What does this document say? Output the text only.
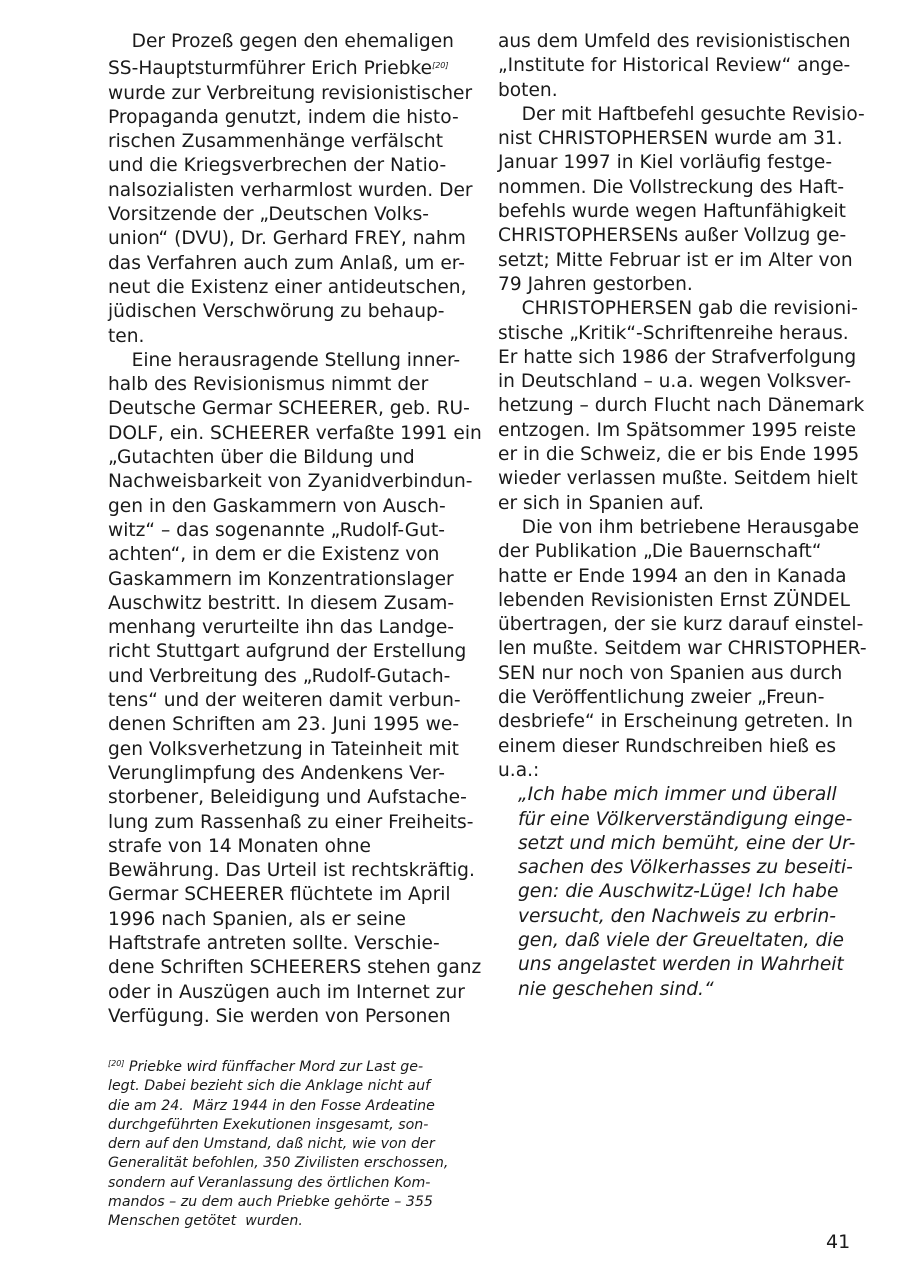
Der Prozeß gegen den ehemaligen
SS-Hauptsturmführer Erich Priebke[20]
wurde zur Verbreitung revisionistischer
Propaganda genutzt, indem die histo-
rischen Zusammenhänge verfälscht
und die Kriegsverbrechen der Natio-
nalsozialisten verharmlost wurden. Der
Vorsitzende der „Deutschen Volks-
union“ (DVU), Dr. Gerhard FREY, nahm
das Verfahren auch zum Anlaß, um er-
neut die Existenz einer antideutschen,
jüdischen Verschwörung zu behaup-
ten.
Eine herausragende Stellung inner-
halb des Revisionismus nimmt der
Deutsche Germar SCHEERER, geb. RU-
DOLF, ein. SCHEERER verfaßte 1991 ein
„Gutachten über die Bildung und
Nachweisbarkeit von Zyanidverbindun-
gen in den Gaskammern von Ausch-
witz“ – das sogenannte „Rudolf-Gut-
achten“, in dem er die Existenz von
Gaskammern im Konzentrationslager
Auschwitz bestritt. In diesem Zusam-
menhang verurteilte ihn das Landge-
richt Stuttgart aufgrund der Erstellung
und Verbreitung des „Rudolf-Gutach-
tens“ und der weiteren damit verbun-
denen Schriften am 23. Juni 1995 we-
gen Volksverhetzung in Tateinheit mit
Verunglimpfung des Andenkens Ver-
storbener, Beleidigung und Aufstache-
lung zum Rassenhaß zu einer Freiheits-
strafe von 14 Monaten ohne
Bewährung. Das Urteil ist rechtskräftig.
Germar SCHEERER flüchtete im April
1996 nach Spanien, als er seine
Haftstrafe antreten sollte. Verschie-
dene Schriften SCHEERERS stehen ganz
oder in Auszügen auch im Internet zur
Verfügung. Sie werden von Personen
aus dem Umfeld des revisionistischen
„Institute for Historical Review“ ange-
boten.
Der mit Haftbefehl gesuchte Revisio-
nist CHRISTOPHERSEN wurde am 31.
Januar 1997 in Kiel vorläufig festge-
nommen. Die Vollstreckung des Haft-
befehls wurde wegen Haftunfähigkeit
CHRISTOPHERSENs außer Vollzug ge-
setzt; Mitte Februar ist er im Alter von
79 Jahren gestorben.
CHRISTOPHERSEN gab die revisioni-
stische „Kritik“-Schriftenreihe heraus.
Er hatte sich 1986 der Strafverfolgung
in Deutschland – u.a. wegen Volksver-
hetzung – durch Flucht nach Dänemark
entzogen. Im Spätsommer 1995 reiste
er in die Schweiz, die er bis Ende 1995
wieder verlassen mußte. Seitdem hielt
er sich in Spanien auf.
Die von ihm betriebene Herausgabe
der Publikation „Die Bauernschaft“
hatte er Ende 1994 an den in Kanada
lebenden Revisionisten Ernst ZÜNDEL
übertragen, der sie kurz darauf einstel-
len mußte. Seitdem war CHRISTOPHER-
SEN nur noch von Spanien aus durch
die Veröffentlichung zweier „Freun-
desbriefe“ in Erscheinung getreten. In
einem dieser Rundschreiben hieß es
u.a.:
„Ich habe mich immer und überall
für eine Völkerverständigung einge-
setzt und mich bemüht, eine der Ur-
sachen des Völkerhasses zu beseiti-
gen: die Auschwitz-Lüge! Ich habe
versucht, den Nachweis zu erbrin-
gen, daß viele der Greueltaten, die
uns angelastet werden in Wahrheit
nie geschehen sind.“
[20] Priebke wird fünffacher Mord zur Last ge-
legt. Dabei bezieht sich die Anklage nicht auf
die am 24.  März 1944 in den Fosse Ardeatine
durchgeführten Exekutionen insgesamt, son-
dern auf den Umstand, daß nicht, wie von der
Generalität befohlen, 350 Zivilisten erschossen,
sondern auf Veranlassung des örtlichen Kom-
mandos – zu dem auch Priebke gehörte – 355
Menschen getötet  wurden.
41
